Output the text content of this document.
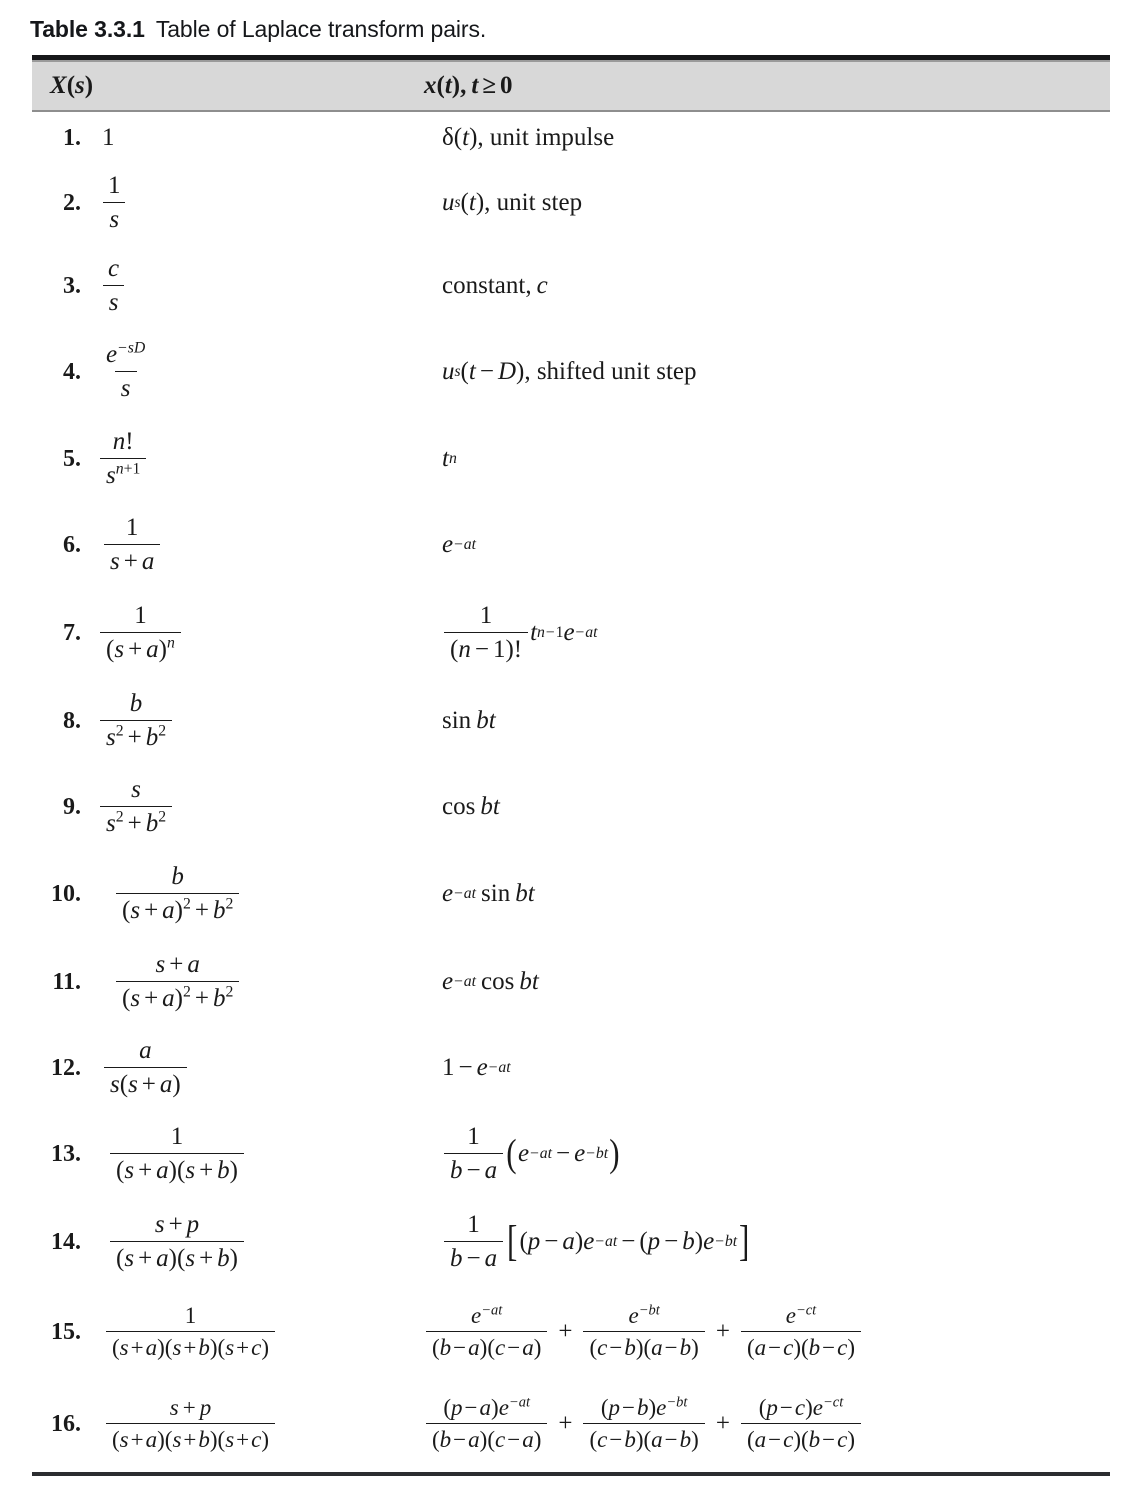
Table 3.3.1 Table of Laplace transform pairs.
X(s)	x(t), t ≥ 0
1. 1	δ ( t ) , unit impulse
2. $\frac{1}{s}$	u s ( t ) , unit step
3. $\frac{c}{s}$	constant, c
4. $\frac{e^{-sD}}{s}$	u s ( t − D ) , shifted unit step
5. $\frac{n!}{s^{n+1}}$	t n
6. $\frac{1}{s + a}$	e −at
7. $\frac{1}{(s + a)^n}$	$\frac{1}{(n - 1)!}$ t n−1 e −at
8. $\frac{b}{s^2 + b^2}$	sin bt
9. $\frac{s}{s^2 + b^2}$	cos bt
10.	$\frac{b}{(s + a)^2 + b^2}$	e −at sin bt
11.	$\frac{s + a}{(s + a)^2 + b^2}$	e −at cos bt
12. $\frac{a}{s(s + a)}$	1 − e −at
13.	$\frac{1}{(s + a)(s + b)}$	$\frac{1}{b - a}$ ( e −at − e −bt )
14.	$\frac{s + p}{(s + a)(s + b)}$	$\frac{1}{b - a}$ [ ( p − a ) e −at − ( p − b ) e −bt ]
15.	$\frac{1}{(s+a)(s+b)(s+c)}$	$\frac{e^{-at}}{(b-a)(c-a)} + \frac{e^{-bt}}{(c-b)(a-b)} + \frac{e^{-ct}}{(a-c)(b-c)}$
16.	$\frac{s + p}{(s+a)(s+b)(s+c)}$	$\frac{(p-a)e^{-at}}{(b-a)(c-a)} + \frac{(p-b)e^{-bt}}{(c-b)(a-b)} + \frac{(p-c)e^{-ct}}{(a-c)(b-c)}$
